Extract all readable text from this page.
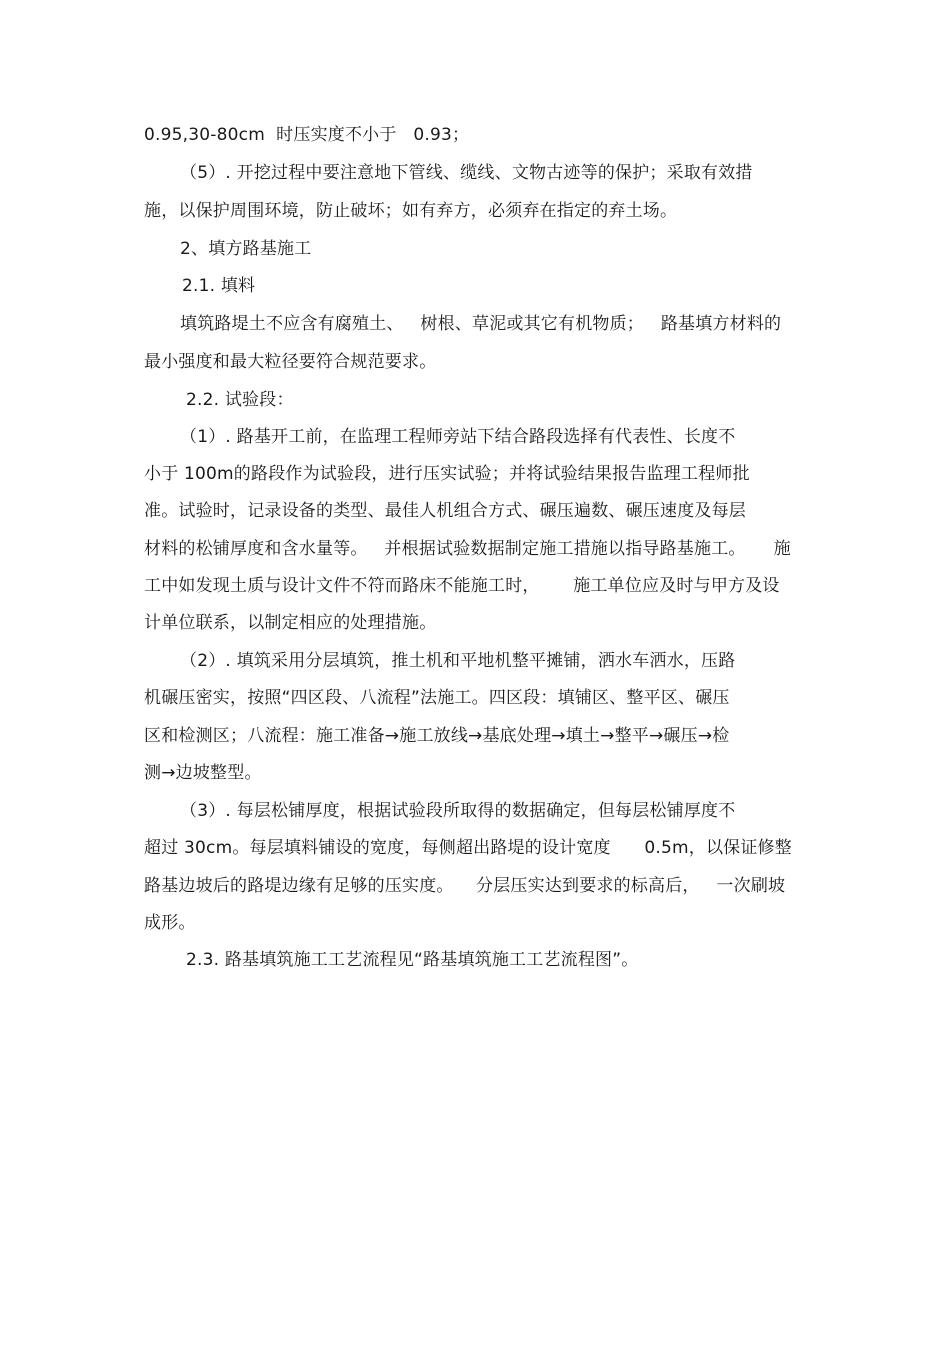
0.95,30-80cm  时压实度不小于   0.93；
（5）. 开挖过程中要注意地下管线、缆线、文物古迹等的保护；采取有效措
施，以保护周围环境，防止破坏；如有弃方，必须弃在指定的弃土场。
2、填方路基施工
2.1. 填料
填筑路堤土不应含有腐殖土、   树根、草泥或其它有机物质；   路基填方材料的
最小强度和最大粒径要符合规范要求。
2.2. 试验段：
（1）. 路基开工前，在监理工程师旁站下结合路段选择有代表性、长度不
小于 100m的路段作为试验段，进行压实试验；并将试验结果报告监理工程师批
准。试验时，记录设备的类型、最佳人机组合方式、碾压遍数、碾压速度及每层
材料的松铺厚度和含水量等。   并根据试验数据制定施工措施以指导路基施工。     施
工中如发现土质与设计文件不符而路床不能施工时，      施工单位应及时与甲方及设
计单位联系，以制定相应的处理措施。
（2）. 填筑采用分层填筑，推土机和平地机整平摊铺，洒水车洒水，压路
机碾压密实，按照“四区段、八流程”法施工。四区段：填铺区、整平区、碾压
区和检测区；八流程：施工准备→施工放线→基底处理→填土→整平→碾压→检
测→边坡整型。
（3）. 每层松铺厚度，根据试验段所取得的数据确定，但每层松铺厚度不
超过 30cm。每层填料铺设的宽度，每侧超出路堤的设计宽度      0.5m，以保证修整
路基边坡后的路堤边缘有足够的压实度。    分层压实达到要求的标高后，   一次刷坡
成形。
2.3. 路基填筑施工工艺流程见“路基填筑施工工艺流程图”。
